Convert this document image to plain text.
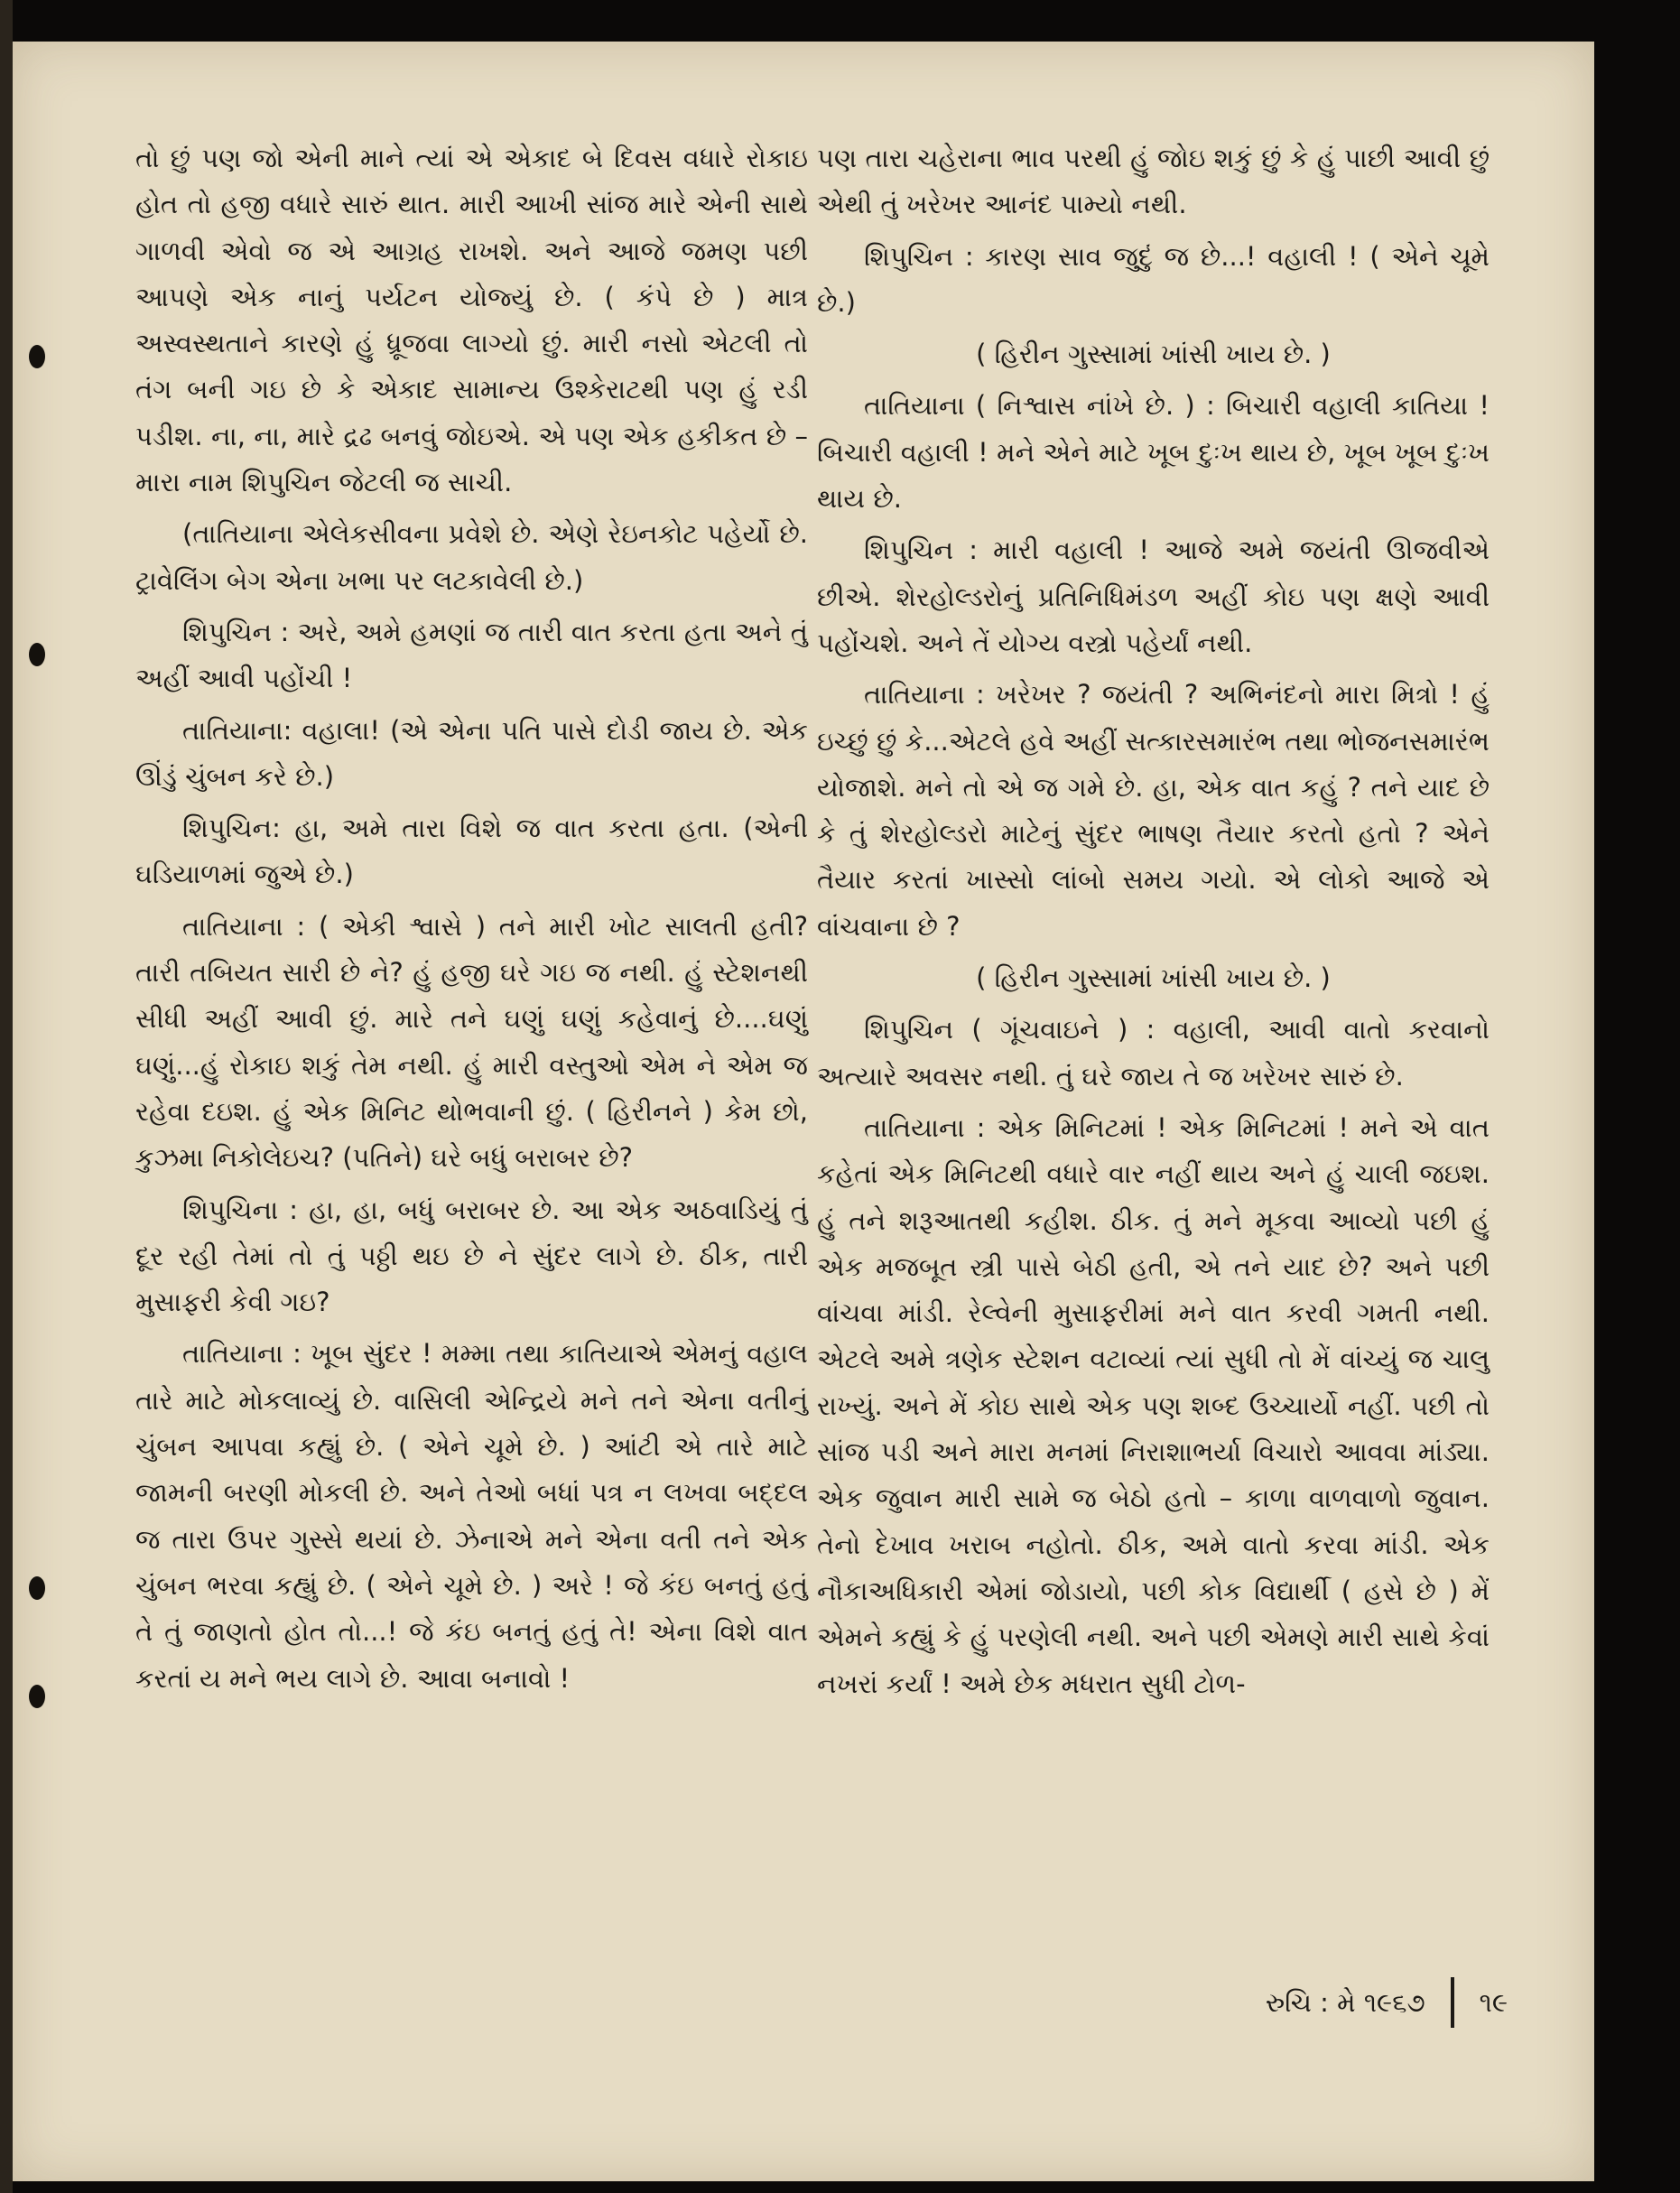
તો છું પણ જો એની માને ત્યાં એ એકાદ બે દિવસ વધારે રોકાઇ હોત તો હજી વધારે સારું થાત. મારી આખી સાંજ મારે એની સાથે ગાળવી એવો જ એ આગ્રહ રાખશે. અને આજે જમણ પછી આપણે એક નાનું પર્યટન યોજ્યું છે. ( કંપે છે ) માત્ર અસ્વસ્થતાને કારણે હું ધ્રૂજવા લાગ્યો છું. મારી નસો એટલી તો તંગ બની ગઇ છે કે એકાદ સામાન્ય ઉશ્કેરાટથી પણ હું રડી પડીશ. ના, ના, મારે દ્રઢ બનવું જોઇએ. એ પણ એક હકીકત છે – મારા નામ શિપુચિન જેટલી જ સાચી.

(તાતિયાના એલેકસીવના પ્રવેશે છે. એણે રેઇનકોટ પહેર્યો છે. ટ્રાવેલિંગ બેગ એના ખભા પર લટકાવેલી છે.)

શિપુચિન : અરે, અમે હમણાં જ તારી વાત કરતા હતા અને તું અહીં આવી પહોંચી !

તાતિયાના: વહાલા! (એ એના પતિ પાસે દોડી જાય છે. એક ઊંડું ચુંબન કરે છે.)

શિપુચિન: હા, અમે તારા વિશે જ વાત કરતા હતા. (એની ઘડિયાળમાં જુએ છે.)

તાતિયાના : ( એકી શ્વાસે ) તને મારી ખોટ સાલતી હતી? તારી તબિયત સારી છે ને? હું હજી ઘરે ગઇ જ નથી. હું સ્ટેશનથી સીધી અહીં આવી છું. મારે તને ઘણું ઘણું કહેવાનું છે....ઘણું ઘણું...હું રોકાઇ શકું તેમ નથી. હું મારી વસ્તુઓ એમ ને એમ જ રહેવા દઇશ. હું એક મિનિટ થોભવાની છું. ( હિરીનને ) કેમ છો, કુઝમા નિકોલેઇચ? (પતિને) ઘરે બધું બરાબર છે?

શિપુચિના : હા, હા, બધું બરાબર છે. આ એક અઠવાડિયું તું દૂર રહી તેમાં તો તું પઠ્ઠી થઇ છે ને સુંદર લાગે છે. ઠીક, તારી મુસાફરી કેવી ગઇ?

તાતિયાના : ખૂબ સુંદર ! મમ્મા તથા કાતિયાએ એમનું વહાલ તારે માટે મોકલાવ્યું છે. વાસિલી એન્દ્રિયે મને તને એના વતીનું ચુંબન આપવા કહ્યું છે. ( એને ચૂમે છે. ) આંટી એ તારે માટે જામની બરણી મોકલી છે. અને તેઓ બધાં પત્ર ન લખવા બદ્દલ જ તારા ઉપર ગુસ્સે થયાં છે. ઝેનાએ મને એના વતી તને એક ચુંબન ભરવા કહ્યું છે. ( એને ચૂમે છે. ) અરે ! જે કંઇ બનતું હતું તે તું જાણતો હોત તો...! જે કંઇ બનતું હતું તે! એના વિશે વાત કરતાં ય મને ભય લાગે છે. આવા બનાવો !

પણ તારા ચહેરાના ભાવ પરથી હું જોઇ શકું છું કે હું પાછી આવી છું એથી તું ખરેખર આનંદ પામ્યો નથી.

શિપુચિન : કારણ સાવ જુદું જ છે...! વહાલી ! ( એને ચૂમે છે.)

( હિરીન ગુસ્સામાં ખાંસી ખાય છે. )

તાતિયાના ( નિશ્વાસ નાંખે છે. ) : બિચારી વહાલી કાતિયા ! બિચારી વહાલી ! મને એને માટે ખૂબ દુઃખ થાય છે, ખૂબ ખૂબ દુઃખ થાય છે.

શિપુચિન : મારી વહાલી ! આજે અમે જયંતી ઊજવીએ છીએ. શેરહોલ્ડરોનું પ્રતિનિધિમંડળ અહીં કોઇ પણ ક્ષણે આવી પહોંચશે. અને તેં યોગ્ય વસ્ત્રો પહેર્યાં નથી.

તાતિયાના : ખરેખર ? જયંતી ? અભિનંદનો મારા મિત્રો ! હું ઇચ્છું છું કે...એટલે હવે અહીં સત્કારસમારંભ તથા ભોજનસમારંભ યોજાશે. મને તો એ જ ગમે છે. હા, એક વાત કહું ? તને યાદ છે કે તું શેરહોલ્ડરો માટેનું સુંદર ભાષણ તૈયાર કરતો હતો ? એને તૈયાર કરતાં ખાસ્સો લાંબો સમય ગયો. એ લોકો આજે એ વાંચવાના છે ?

( હિરીન ગુસ્સામાં ખાંસી ખાય છે. )

શિપુચિન ( ગૂંચવાઇને ) : વહાલી, આવી વાતો કરવાનો અત્યારે અવસર નથી. તું ઘરે જાય તે જ ખરેખર સારું છે.

તાતિયાના : એક મિનિટમાં ! એક મિનિટમાં ! મને એ વાત કહેતાં એક મિનિટથી વધારે વાર નહીં થાય અને હું ચાલી જઇશ. હું તને શરૂઆતથી કહીશ. ઠીક. તું મને મૂકવા આવ્યો પછી હું એક મજબૂત સ્ત્રી પાસે બેઠી હતી, એ તને યાદ છે? અને પછી વાંચવા માંડી. રેલ્વેની મુસાફરીમાં મને વાત કરવી ગમતી નથી. એટલે અમે ત્રણેક સ્ટેશન વટાવ્યાં ત્યાં સુધી તો મેં વાંચ્યું જ ચાલુ રાખ્યું. અને મેં કોઇ સાથે એક પણ શબ્દ ઉચ્ચાર્યો નહીં. પછી તો સાંજ પડી અને મારા મનમાં નિરાશાભર્યા વિચારો આવવા માંડ્યા. એક જુવાન મારી સામે જ બેઠો હતો – કાળા વાળવાળો જુવાન. તેનો દેખાવ ખરાબ નહોતો. ઠીક, અમે વાતો કરવા માંડી. એક નૌકાઅધિકારી એમાં જોડાયો, પછી કોક વિદ્યાર્થી ( હસે છે ) મેં એમને કહ્યું કે હું પરણેલી નથી. અને પછી એમણે મારી સાથે કેવાં નખરાં કર્યાં ! અમે છેક મધરાત સુધી ટોળ-

રુચિ : મે ૧૯૬૭ ૧૯
